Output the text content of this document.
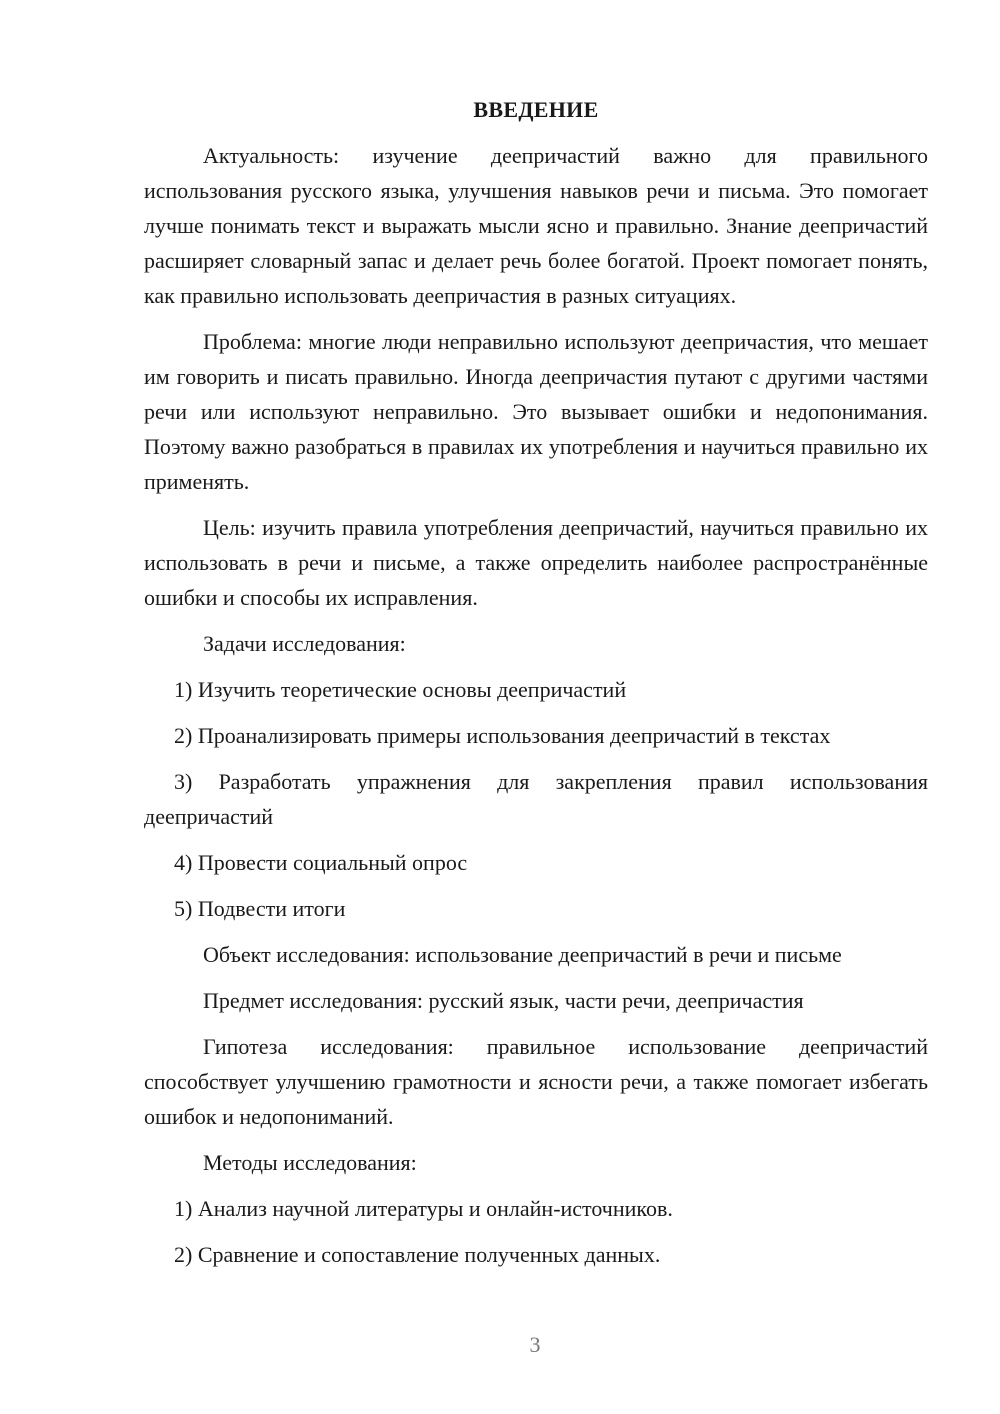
ВВЕДЕНИЕ

Актуальность: изучение деепричастий важно для правильного использования русского языка, улучшения навыков речи и письма. Это помогает лучше понимать текст и выражать мысли ясно и правильно. Знание деепричастий расширяет словарный запас и делает речь более богатой. Проект помогает понять, как правильно использовать деепричастия в разных ситуациях.

Проблема: многие люди неправильно используют деепричастия, что мешает им говорить и писать правильно. Иногда деепричастия путают с другими частями речи или используют неправильно. Это вызывает ошибки и недопонимания. Поэтому важно разобраться в правилах их употребления и научиться правильно их применять.

Цель: изучить правила употребления деепричастий, научиться правильно их использовать в речи и письме, а также определить наиболее распространённые ошибки и способы их исправления.

Задачи исследования:

1) Изучить теоретические основы деепричастий

2) Проанализировать примеры использования деепричастий в текстах

3) Разработать упражнения для закрепления правил использования деепричастий

4) Провести социальный опрос

5) Подвести итоги

Объект исследования: использование деепричастий в речи и письме

Предмет исследования: русский язык, части речи, деепричастия

Гипотеза исследования: правильное использование деепричастий способствует улучшению грамотности и ясности речи, а также помогает избегать ошибок и недопониманий.

Методы исследования:

1) Анализ научной литературы и онлайн-источников.

2) Сравнение и сопоставление полученных данных.

3
